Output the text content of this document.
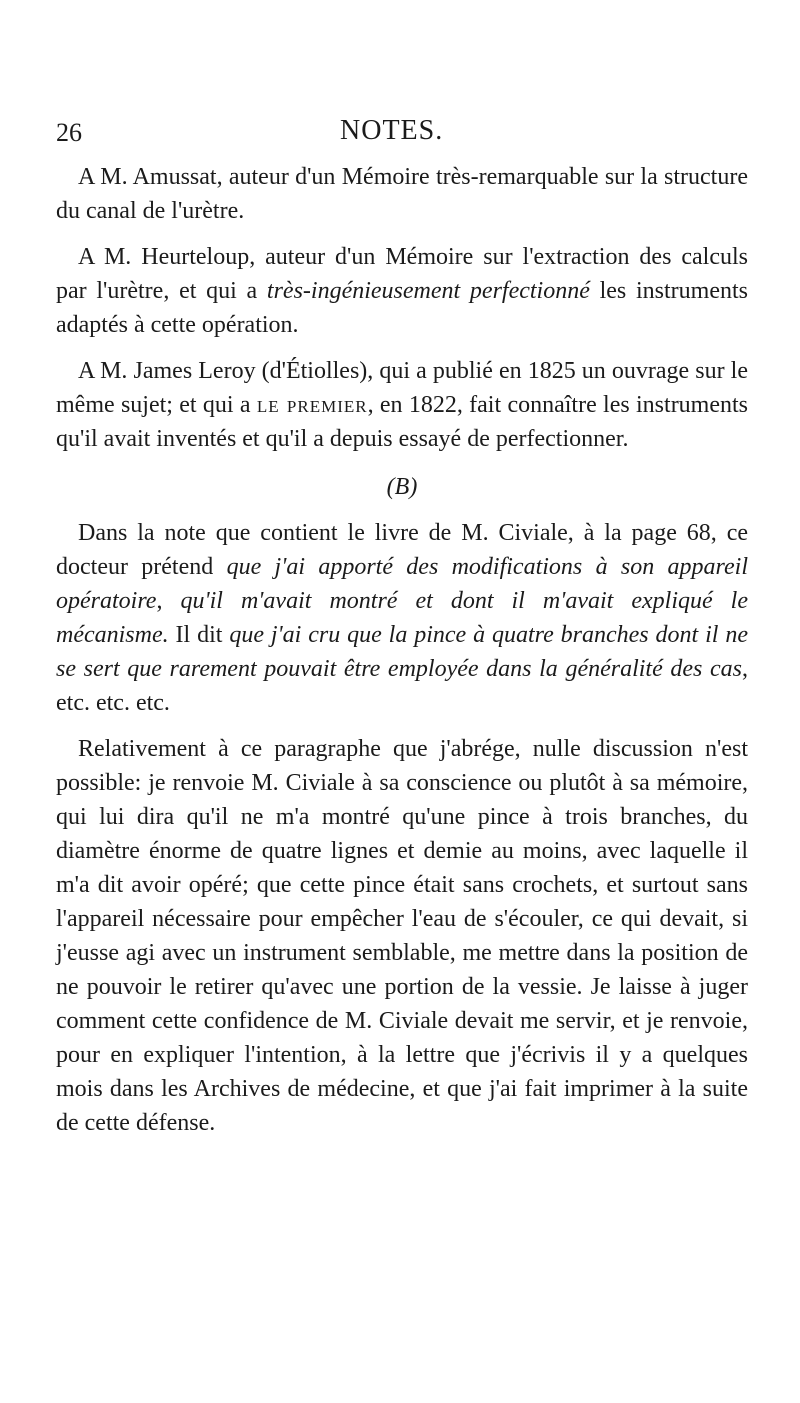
26	NOTES.

A M. Amussat, auteur d'un Mémoire très-remarquable sur la structure du canal de l'urètre.

A M. Heurteloup, auteur d'un Mémoire sur l'extraction des calculs par l'urètre, et qui a très-ingénieusement perfectionné les instruments adaptés à cette opération.

A M. James Leroy (d'Étiolles), qui a publié en 1825 un ouvrage sur le même sujet; et qui a le premier, en 1822, fait connaître les instruments qu'il avait inventés et qu'il a depuis essayé de perfectionner.

(B)

Dans la note que contient le livre de M. Civiale, à la page 68, ce docteur prétend que j'ai apporté des modifications à son appareil opératoire, qu'il m'avait montré et dont il m'avait expliqué le mécanisme. Il dit que j'ai cru que la pince à quatre branches dont il ne se sert que rarement pouvait être employée dans la généralité des cas, etc. etc. etc.

Relativement à ce paragraphe que j'abrége, nulle discussion n'est possible: je renvoie M. Civiale à sa conscience ou plutôt à sa mémoire, qui lui dira qu'il ne m'a montré qu'une pince à trois branches, du diamètre énorme de quatre lignes et demie au moins, avec laquelle il m'a dit avoir opéré; que cette pince était sans crochets, et surtout sans l'appareil nécessaire pour empêcher l'eau de s'écouler, ce qui devait, si j'eusse agi avec un instrument semblable, me mettre dans la position de ne pouvoir le retirer qu'avec une portion de la vessie. Je laisse à juger comment cette confidence de M. Civiale devait me servir, et je renvoie, pour en expliquer l'intention, à la lettre que j'écrivis il y a quelques mois dans les Archives de médecine, et que j'ai fait imprimer à la suite de cette défense.
